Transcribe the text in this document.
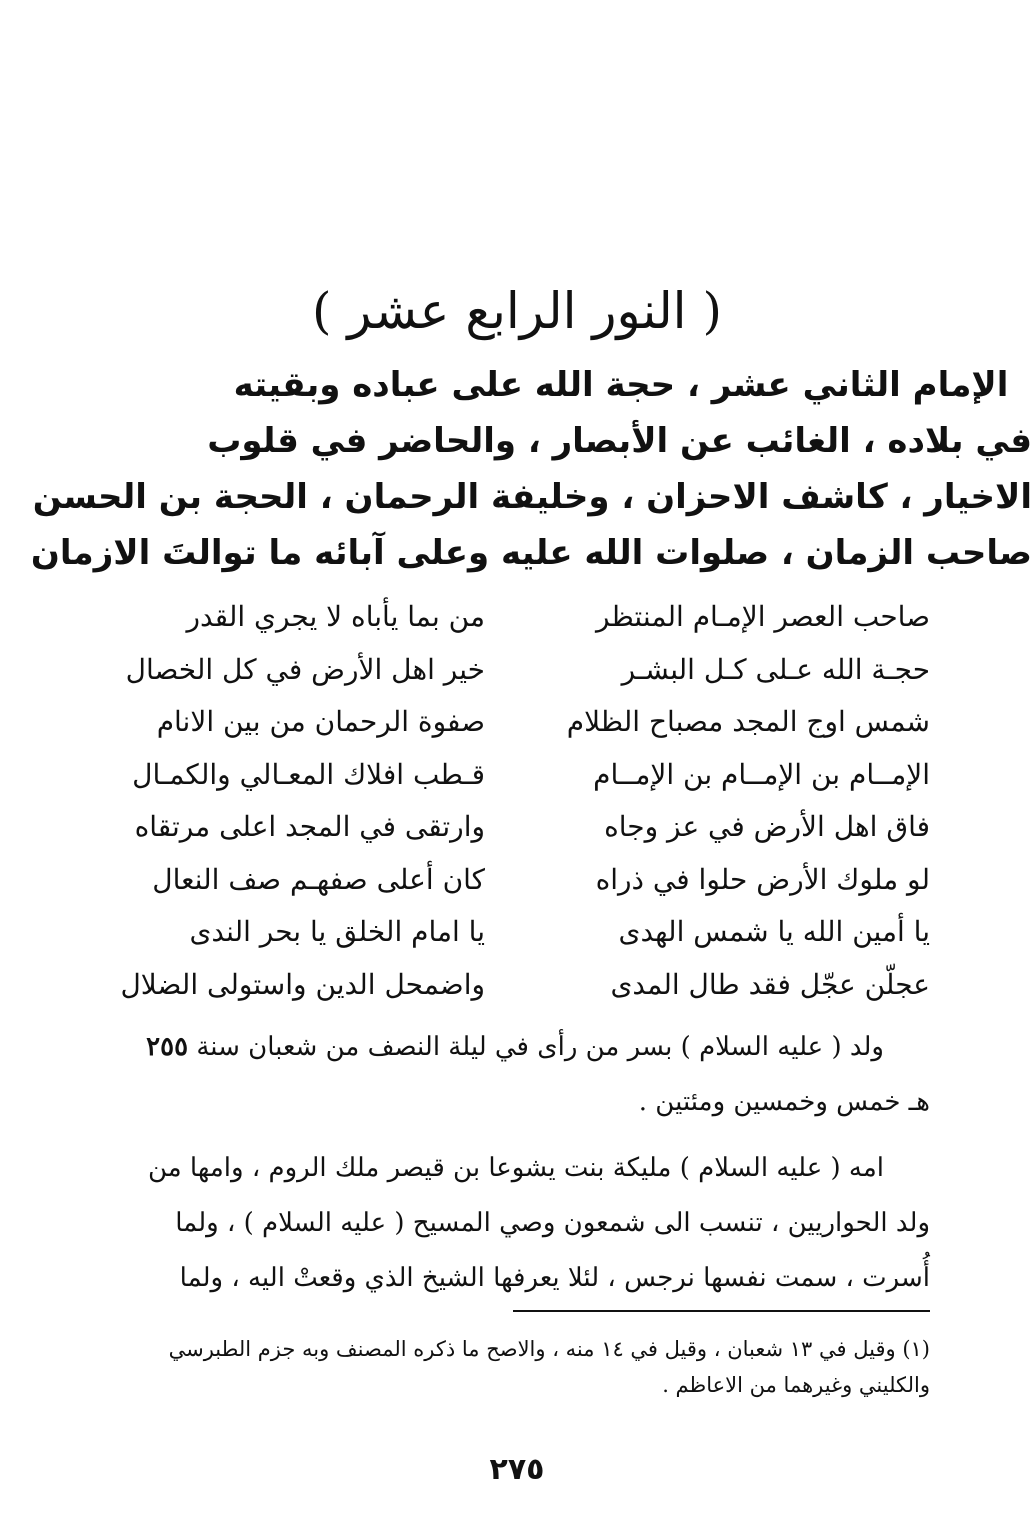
( النور الرابع عشر )
الإمام الثاني عشر ، حجة الله على عباده وبقيته
في بلاده ، الغائب عن الأبصار ، والحاضر في قلوب
الاخيار ، كاشف الاحزان ، وخليفة الرحمان ، الحجة بن الحسن
صاحب الزمان ، صلوات الله عليه وعلى آبائه ما توالتَ الازمان
صاحب العصر الإمـام المنتظر
من بما يأباه لا يجري القدر
حجـة الله عـلى كـل البشـر
خير اهل الأرض في كل الخصال
شمس اوج المجد مصباح الظلام
صفوة الرحمان من بين الانام
الإمــام بن الإمــام بن الإمــام
قـطب افلاك المعـالي والكمـال
فاق اهل الأرض في عز وجاه
وارتقى في المجد اعلى مرتقاه
لو ملوك الأرض حلوا في ذراه
كان أعلى صفهـم صف النعال
يا أمين الله يا شمس الهدى
يا امام الخلق يا بحر الندى
عجلّن عجّل فقد طال المدى
واضمحل الدين واستولى الضلال
ولد ( عليه السلام ) بسر من رأى في ليلة النصف من شعبان سنة ٢٥٥
هـ خمس وخمسين ومئتين .
امه ( عليه السلام ) مليكة بنت يشوعا بن قيصر ملك الروم ، وامها من
ولد الحواريين ، تنسب الى شمعون وصي المسيح ( عليه السلام ) ، ولما
أُسرت ، سمت نفسها نرجس ، لئلا يعرفها الشيخ الذي وقعتْ اليه ، ولما
(١) وقيل في ١٣ شعبان ، وقيل في ١٤ منه ، والاصح ما ذكره المصنف وبه جزم الطبرسي
والكليني وغيرهما من الاعاظم .
٢٧٥
